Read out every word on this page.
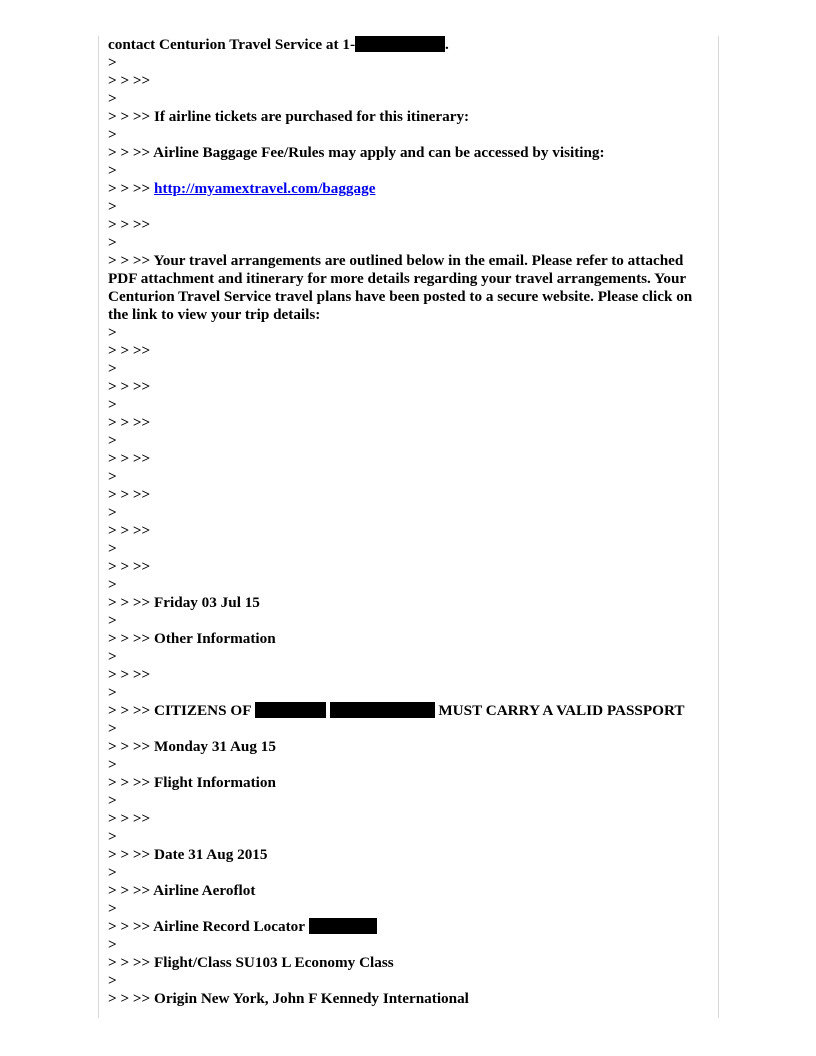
contact Centurion Travel Service at 1-	.
>
> > >>
>
> > >> If airline tickets are purchased for this itinerary:
>
> > >> Airline Baggage Fee/Rules may apply and can be accessed by visiting:
>
> > >> http://myamextravel.com/baggage
>
> > >>
>
> > >> Your travel arrangements are outlined below in the email. Please refer to attached PDF attachment and itinerary for more details regarding your travel arrangements. Your Centurion Travel Service travel plans have been posted to a secure website. Please click on the link to view your trip details:
>
> > >>
>
> > >>
>
> > >>
>
> > >>
>
> > >>
>
> > >>
>
> > >>
>
> > >> Friday 03 Jul 15
>
> > >> Other Information
>
> > >>
>
> > >> CITIZENS OF	MUST CARRY A VALID PASSPORT
>
> > >> Monday 31 Aug 15
>
> > >> Flight Information
>
> > >>
>
> > >> Date 31 Aug 2015
>
> > >> Airline Aeroflot
>
> > >> Airline Record Locator
>
> > >> Flight/Class SU103 L Economy Class
>
> > >> Origin New York, John F Kennedy International
